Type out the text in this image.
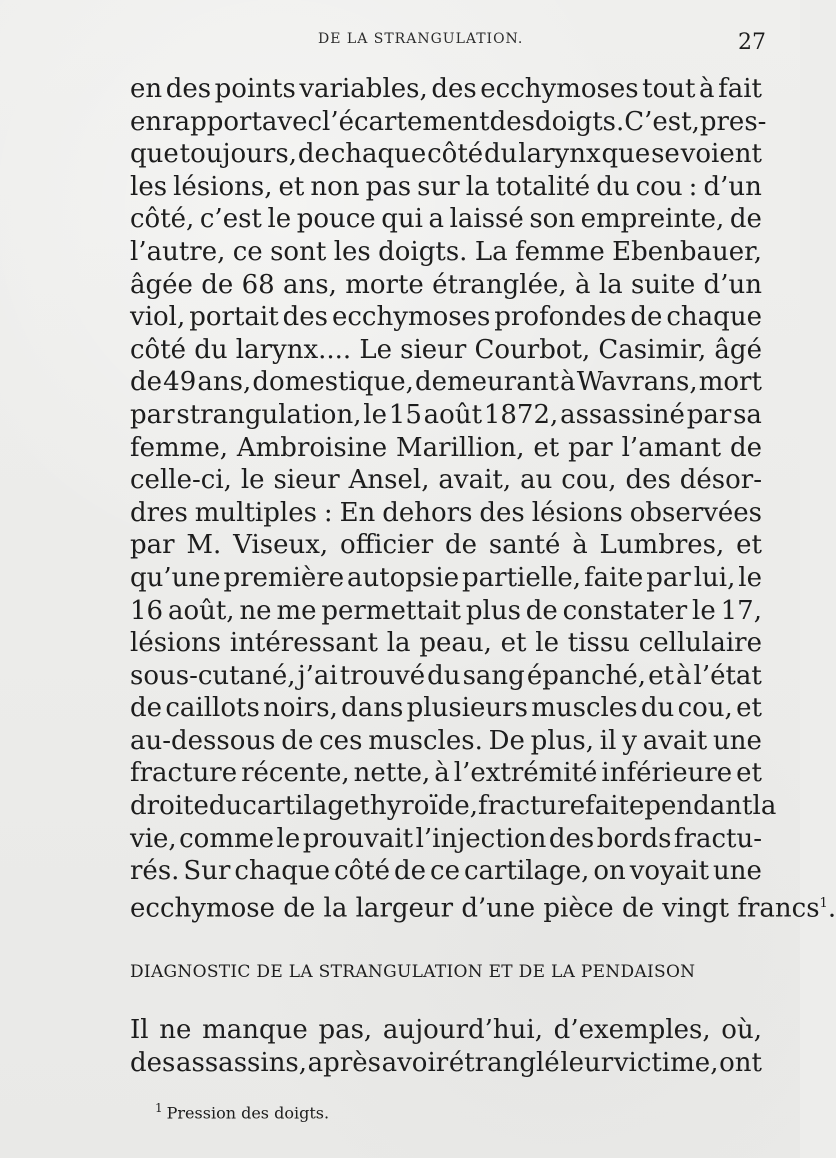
DE LA STRANGULATION.	27
en des points variables, des ecchymoses tout à fait
en rapport avec l’écartement des doigts. C’est, pres-
que toujours, de chaque côté du larynx que se voient
les lésions, et non pas sur la totalité du cou : d’un
côté, c’est le pouce qui a laissé son empreinte, de
l’autre, ce sont les doigts. La femme Ebenbauer,
âgée de 68 ans, morte étranglée, à la suite d’un
viol, portait des ecchymoses profondes de chaque
côté du larynx.... Le sieur Courbot, Casimir, âgé
de 49 ans, domestique, demeurant à Wavrans, mort
par strangulation, le 15 août 1872, assassiné par sa
femme, Ambroisine Marillion, et par l’amant de
celle-ci, le sieur Ansel, avait, au cou, des désor-
dres multiples : En dehors des lésions observées
par M. Viseux, officier de santé à Lumbres, et
qu’une première autopsie partielle, faite par lui, le
16 août, ne me permettait plus de constater le 17,
lésions intéressant la peau, et le tissu cellulaire
sous-cutané, j’ai trouvé du sang épanché, et à l’état
de caillots noirs, dans plusieurs muscles du cou, et
au-dessous de ces muscles. De plus, il y avait une
fracture récente, nette, à l’extrémité inférieure et
droite du cartilage thyroïde, fracture faite pendant la
vie, comme le prouvait l’injection des bords fractu-
rés. Sur chaque côté de ce cartilage, on voyait une
ecchymose de la largeur d’une pièce de vingt francs$^1$.
DIAGNOSTIC DE LA STRANGULATION ET DE LA PENDAISON
Il ne manque pas, aujourd’hui, d’exemples, où,
des assassins, après avoir étranglé leur victime, ont
$^1$ Pression des doigts.
